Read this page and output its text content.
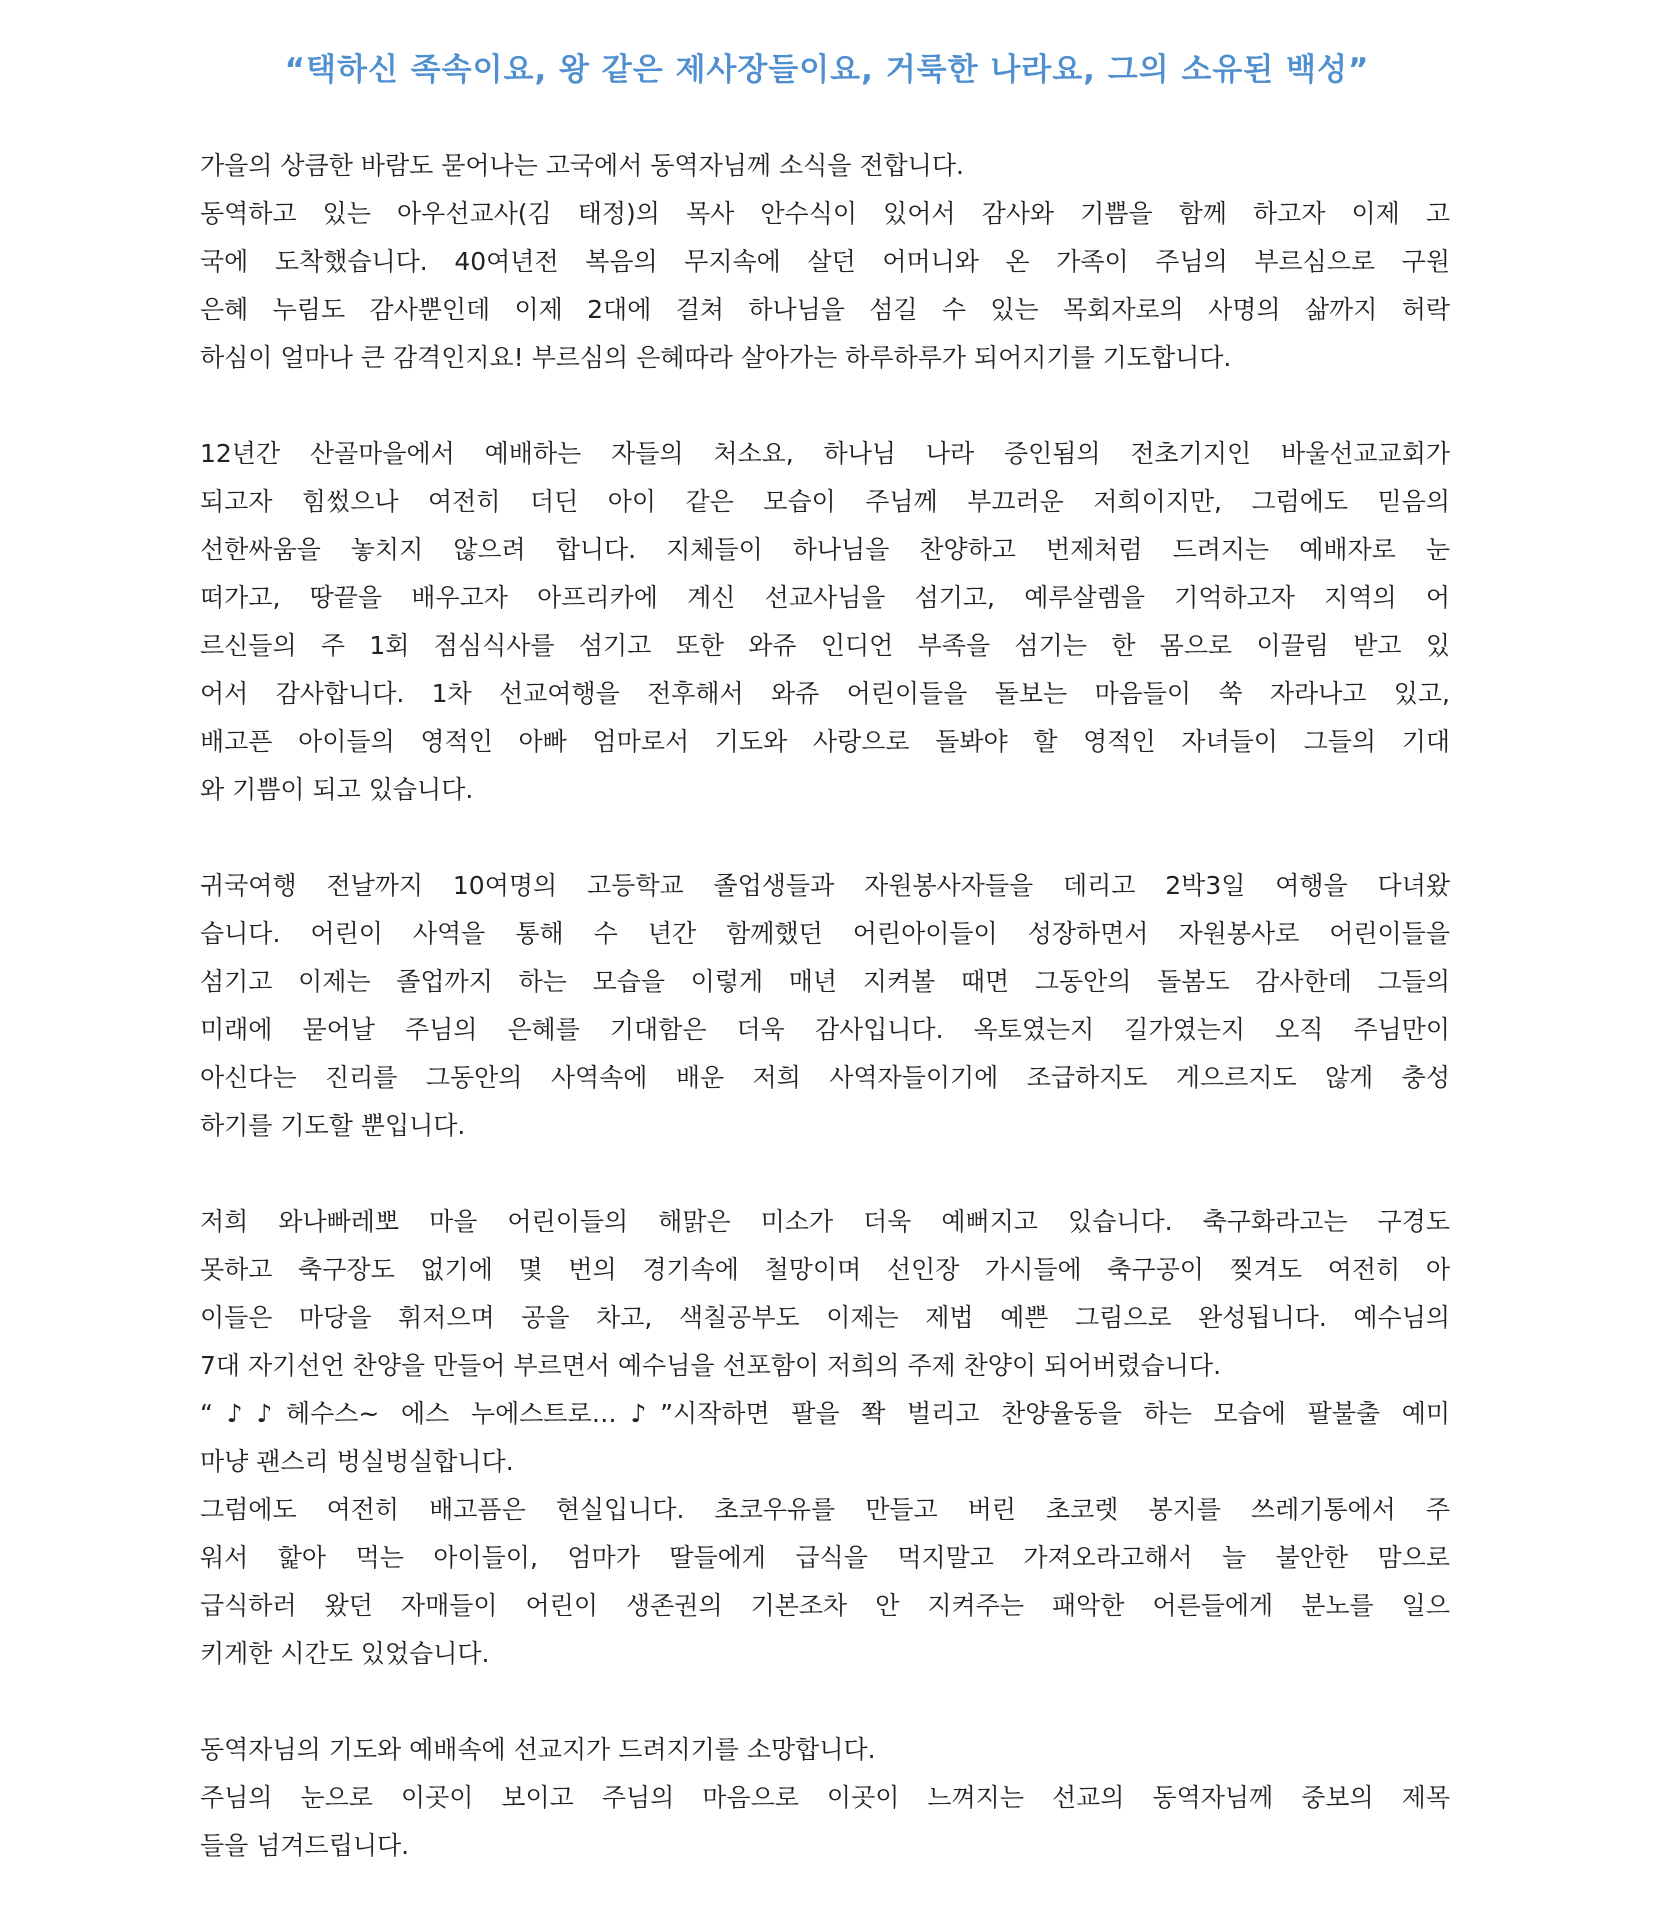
“택하신 족속이요, 왕 같은 제사장들이요, 거룩한 나라요, 그의 소유된 백성”
가을의 상큼한 바람도 묻어나는 고국에서 동역자님께 소식을 전합니다.
동역하고 있는 아우선교사(김 태정)의 목사 안수식이 있어서 감사와 기쁨을 함께 하고자 이제 고
국에 도착했습니다. 40여년전 복음의 무지속에 살던 어머니와 온 가족이 주님의 부르심으로 구원
은혜 누림도 감사뿐인데 이제 2대에 걸쳐 하나님을 섬길 수 있는 목회자로의 사명의 삶까지 허락
하심이 얼마나 큰 감격인지요! 부르심의 은혜따라 살아가는 하루하루가 되어지기를 기도합니다.
12년간 산골마을에서 예배하는 자들의 처소요, 하나님 나라 증인됨의 전초기지인 바울선교교회가
되고자 힘썼으나 여전히 더딘 아이 같은 모습이 주님께 부끄러운 저희이지만, 그럼에도 믿음의
선한싸움을 놓치지 않으려 합니다. 지체들이 하나님을 찬양하고 번제처럼 드려지는 예배자로 눈
떠가고, 땅끝을 배우고자 아프리카에 계신 선교사님을 섬기고, 예루살렘을 기억하고자 지역의 어
르신들의 주 1회 점심식사를 섬기고 또한 와쥬 인디언 부족을 섬기는 한 몸으로 이끌림 받고 있
어서 감사합니다. 1차 선교여행을 전후해서 와쥬 어린이들을 돌보는 마음들이 쑥 자라나고 있고,
배고픈 아이들의 영적인 아빠 엄마로서 기도와 사랑으로 돌봐야 할 영적인 자녀들이 그들의 기대
와 기쁨이 되고 있습니다.
귀국여행 전날까지 10여명의 고등학교 졸업생들과 자원봉사자들을 데리고 2박3일 여행을 다녀왔
습니다. 어린이 사역을 통해 수 년간 함께했던 어린아이들이 성장하면서 자원봉사로 어린이들을
섬기고 이제는 졸업까지 하는 모습을 이렇게 매년 지켜볼 때면 그동안의 돌봄도 감사한데 그들의
미래에 묻어날 주님의 은혜를 기대함은 더욱 감사입니다. 옥토였는지 길가였는지 오직 주님만이
아신다는 진리를 그동안의 사역속에 배운 저희 사역자들이기에 조급하지도 게으르지도 않게 충성
하기를 기도할 뿐입니다.
저희 와나빠레뽀 마을 어린이들의 해맑은 미소가 더욱 예뻐지고 있습니다. 축구화라고는 구경도
못하고 축구장도 없기에 몇 번의 경기속에 철망이며 선인장 가시들에 축구공이 찢겨도 여전히 아
이들은 마당을 휘저으며 공을 차고, 색칠공부도 이제는 제법 예쁜 그림으로 완성됩니다. 예수님의
7대 자기선언 찬양을 만들어 부르면서 예수님을 선포함이 저희의 주제 찬양이 되어버렸습니다.
“♪♪헤수스~ 에스 누에스트로…♪”시작하면 팔을 쫙 벌리고 찬양율동을 하는 모습에 팔불출 예미
마냥 괜스리 벙실벙실합니다.
그럼에도 여전히 배고픔은 현실입니다. 초코우유를 만들고 버린 초코렛 봉지를 쓰레기통에서 주
워서 핥아 먹는 아이들이, 엄마가 딸들에게 급식을 먹지말고 가져오라고해서 늘 불안한 맘으로
급식하러 왔던 자매들이 어린이 생존권의 기본조차 안 지켜주는 패악한 어른들에게 분노를 일으
키게한 시간도 있었습니다.
동역자님의 기도와 예배속에 선교지가 드려지기를 소망합니다.
주님의 눈으로 이곳이 보이고 주님의 마음으로 이곳이 느껴지는 선교의 동역자님께 중보의 제목
들을 넘겨드립니다.
